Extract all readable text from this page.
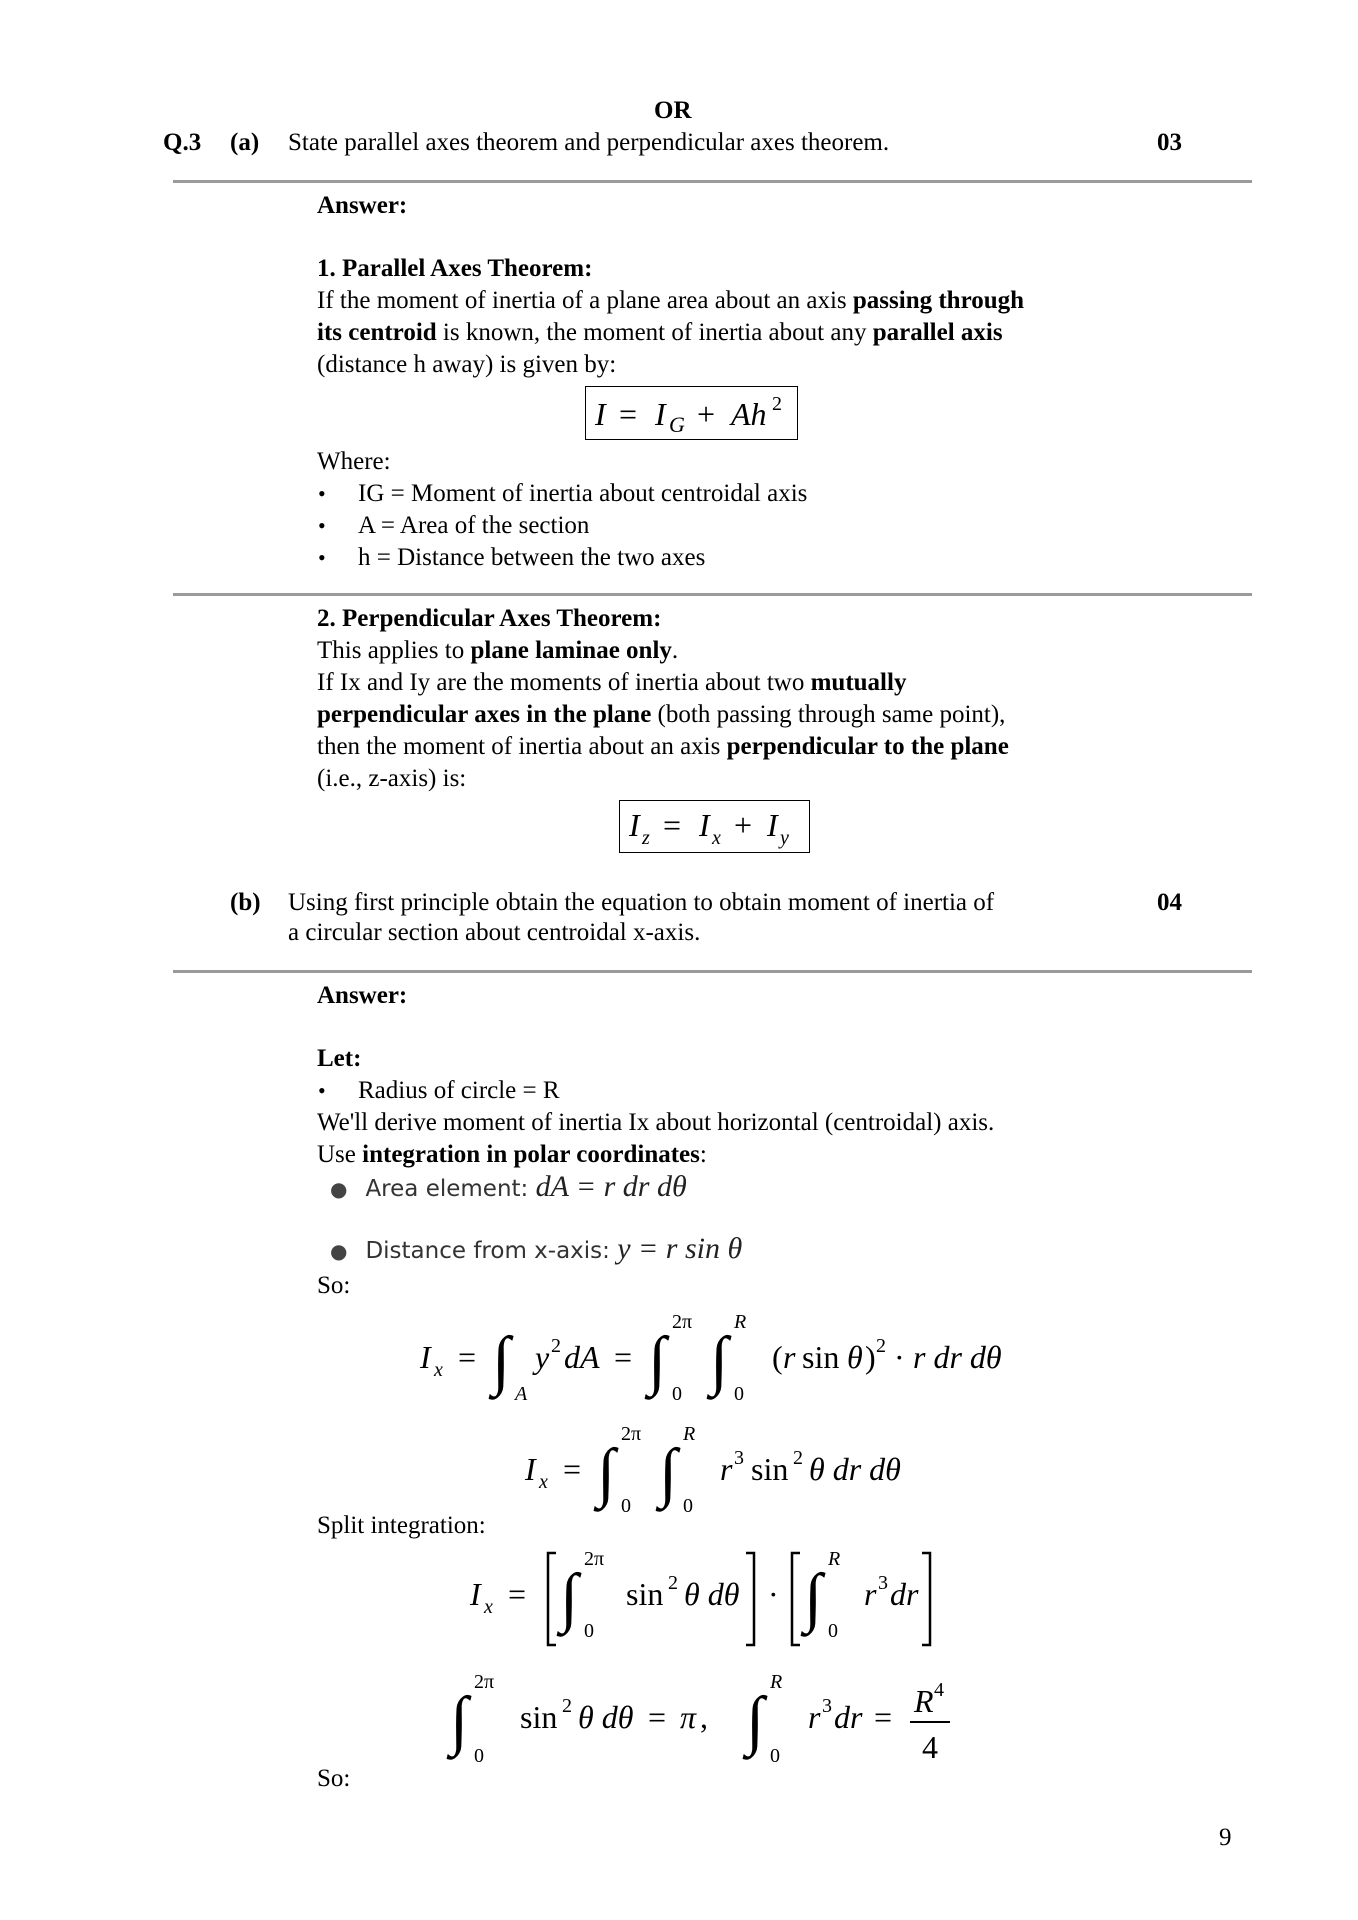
OR
Q.3 (a) State parallel axes theorem and perpendicular axes theorem.	03
Answer:
1. Parallel Axes Theorem:
If the moment of inertia of a plane area about an axis passing through
its centroid is known, the moment of inertia about any parallel axis
(distance h away) is given by:
I = I G + Ah 2
Where:
• IG = Moment of inertia about centroidal axis
• A = Area of the section
• h = Distance between the two axes
2. Perpendicular Axes Theorem:
This applies to plane laminae only.
If Ix and Iy are the moments of inertia about two mutually
perpendicular axes in the plane (both passing through same point),
then the moment of inertia about an axis perpendicular to the plane
(i.e., z-axis) is:
I z = I x + I y
(b) Using first principle obtain the equation to obtain moment of inertia of
a circular section about centroidal x-axis.
04
Answer:
Let:
• Radius of circle = R
We'll derive moment of inertia Ix about horizontal (centroidal) axis.
Use integration in polar coordinates:
● Area element: dA = r dr dθ
● Distance from x-axis: y = r sin θ
So:
I x = ∫ A
y 2 dA = ∫
2π
0 ∫
R
0
( r sin θ ) 2 · r dr dθ
I x = ∫
2π
0 ∫
R
0
r 3 sin 2 θ dr dθ
Split integration:
I x = ∫
2π
0
sin 2 θ dθ · ∫
R
0
r 3 dr
∫
2π
0
sin 2 θ dθ = π , ∫
R
0
r 3 dr = R 4
4
So:
9
